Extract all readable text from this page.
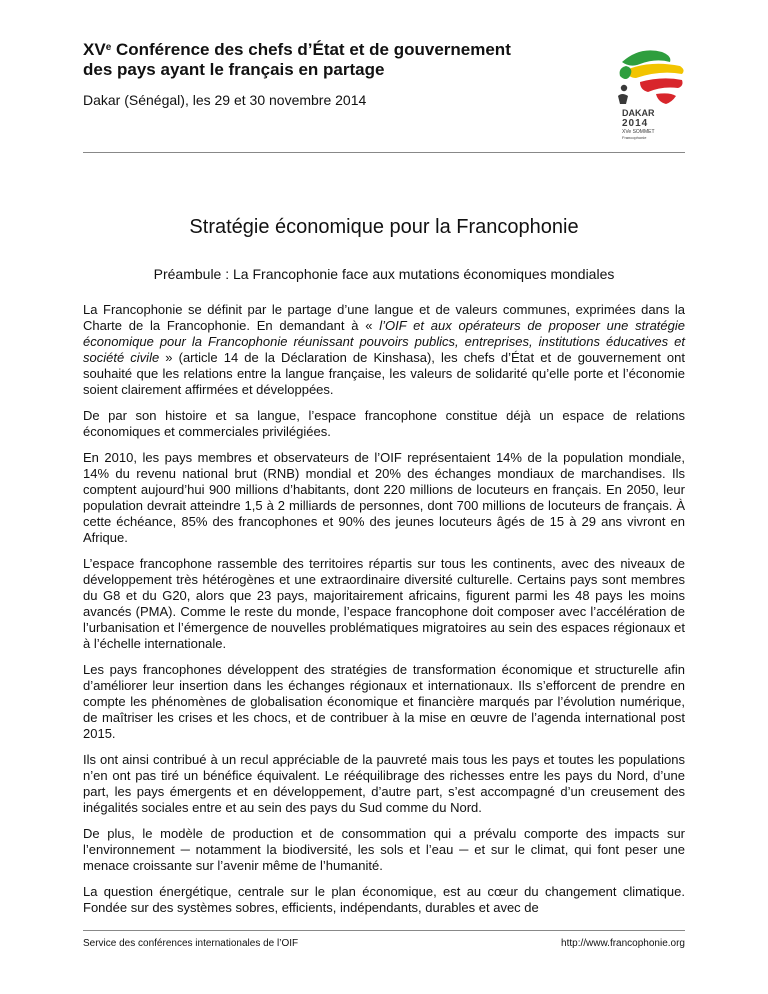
XVe Conférence des chefs d’État et de gouvernement
des pays ayant le français en partage

Dakar (Sénégal), les 29 et 30 novembre 2014
DAKAR
2014
XVe SOMMET
Francophonie
Stratégie économique pour la Francophonie
Préambule : La Francophonie face aux mutations économiques mondiales

La Francophonie se définit par le partage d’une langue et de valeurs communes, exprimées dans la Charte de la Francophonie. En demandant à « l’OIF et aux opérateurs de proposer une stratégie économique pour la Francophonie réunissant pouvoirs publics, entreprises, institutions éducatives et société civile » (article 14 de la Déclaration de Kinshasa), les chefs d’État et de gouvernement ont souhaité que les relations entre la langue française, les valeurs de solidarité qu’elle porte et l’économie soient clairement affirmées et développées.

De par son histoire et sa langue, l’espace francophone constitue déjà un espace de relations économiques et commerciales privilégiées.

En 2010, les pays membres et observateurs de l’OIF représentaient 14% de la population mondiale, 14% du revenu national brut (RNB) mondial et 20% des échanges mondiaux de marchandises. Ils comptent aujourd’hui 900 millions d’habitants, dont 220 millions de locuteurs en français. En 2050, leur population devrait atteindre 1,5 à 2 milliards de personnes, dont 700 millions de locuteurs de français. À cette échéance, 85% des francophones et 90% des jeunes locuteurs âgés de 15 à 29 ans vivront en Afrique.

L’espace francophone rassemble des territoires répartis sur tous les continents, avec des niveaux de développement très hétérogènes et une extraordinaire diversité culturelle. Certains pays sont membres du G8 et du G20, alors que 23 pays, majoritairement africains, figurent parmi les 48 pays les moins avancés (PMA). Comme le reste du monde, l’espace francophone doit composer avec l’accélération de l’urbanisation et l’émergence de nouvelles problématiques migratoires au sein des espaces régionaux et à l’échelle internationale.

Les pays francophones développent des stratégies de transformation économique et structurelle afin d’améliorer leur insertion dans les échanges régionaux et internationaux. Ils s’efforcent de prendre en compte les phénomènes de globalisation économique et financière marqués par l’évolution numérique, de maîtriser les crises et les chocs, et de contribuer à la mise en œuvre de l’agenda international post 2015.

Ils ont ainsi contribué à un recul appréciable de la pauvreté mais tous les pays et toutes les populations n’en ont pas tiré un bénéfice équivalent. Le rééquilibrage des richesses entre les pays du Nord, d’une part, les pays émergents et en développement, d’autre part, s’est accompagné d’un creusement des inégalités sociales entre et au sein des pays du Sud comme du Nord.

De plus, le modèle de production et de consommation qui a prévalu comporte des impacts sur l’environnement ─ notamment la biodiversité, les sols et l’eau ─ et sur le climat, qui font peser une menace croissante sur l’avenir même de l’humanité.

La question énergétique, centrale sur le plan économique, est au cœur du changement climatique. Fondée sur des systèmes sobres, efficients, indépendants, durables et avec de

Service des conférences internationales de l’OIF	http://www.francophonie.org
